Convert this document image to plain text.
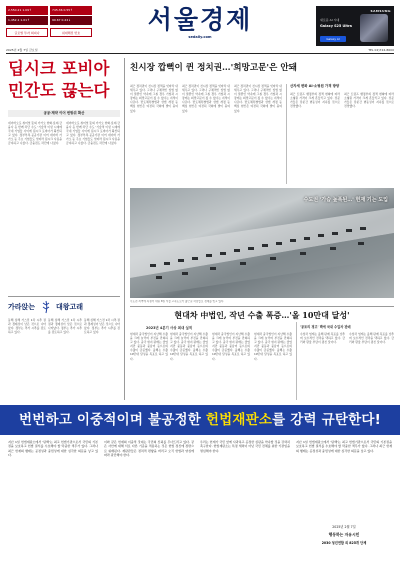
2,550.21 1.09↑	745.36 0.55↑
1,452.1 1.01↑	99.67 0.22↓
글로벌 투자 회피나	위대해전 번호	서울경제
sedaily.com
SAMSUNG
새로운 AI 시대
Galaxy S25 Ultra
Galaxy AI
2025년 2월 7일 금요일	TEL 02)724-8600
딥시크 포비아
민간도 끊는다
공공·제약 이어 번방위 확산
네이버오포 취미엇 뜻외 카카오 한화·롯데·금융사 등 함께 차단 수도 '기술적 이낸 시대에 국내 기업들 사이에 딥시크 포비아가 확산되고 있다. 정부부처·공공기관 이어 네이버 카카오 등 주요 기업들도 잇따라 딥시크 사용을 금지하고 나섰다. 금융권도 차단에 나섰다.
네이버오포 취미엇 뜻외 카카오 한화·롯데·금융사 등 함께 차단 수도 '기술적 이낸 시대에 국내 기업들 사이에 딥시크 포비아가 확산되고 있다. 정부부처·공공기관 이어 네이버 카카오 등 주요 기업들도 잇따라 딥시크 사용을 금지하고 나섰다. 금융권도 차단에 나섰다.
친시장 깝뻑이 퀸 정치권…'희망고문'은 안돼
최근 정치권이 친시장 정책을 잇따라 내세우고 있다. 그러나 구체적인 입법 없이 말뿐인 약속에 그칠 경우 기업과 시장에는 희망고문이 될 수 있다는 지적이 나온다. 반도체특별법과 상법 개정 등 핵심 현안은 여전히 국회에 발이 묶여 있다.
최근 정치권이 친시장 정책을 잇따라 내세우고 있다. 그러나 구체적인 입법 없이 말뿐인 약속에 그칠 경우 기업과 시장에는 희망고문이 될 수 있다는 지적이 나온다. 반도체특별법과 상법 개정 등 핵심 현안은 여전히 국회에 발이 묶여 있다.
최근 정치권이 친시장 정책을 잇따라 내세우고 있다. 그러나 구체적인 입법 없이 말뿐인 약속에 그칠 경우 기업과 시장에는 희망고문이 될 수 있다는 지적이 나온다. 반도체특별법과 상법 개정 등 핵심 현안은 여전히 국회에 발이 묶여 있다.
산자세 변화 AI·소형원 가격 방향
최근 트럼프 행정부의 정책 변화에 따라 소형원 가격이 크게 흔들리고 있다. 전문가들은 당분간 변동성이 지속될 것으로 전망했다.
최근 트럼프 행정부의 정책 변화에 따라 소형원 가격이 크게 흔들리고 있다. 전문가들은 당분간 변동성이 지속될 것으로 전망했다.
수도권 '가슴 높폭된…' 현재 기는 도입
수도권 지역에 폭설이 내린 6일 서울 고속도로가 출근길 차량들로 정체를 빚고 있다.
가라앉는	대왕고래
동해 심해 가스전 1차 시추 결과 경제성이 낮은 것으로 나타났다. 정부는 추가 시추를 검토하고 있다.
동해 심해 가스전 1차 시추 결과 경제성이 낮은 것으로 나타났다. 정부는 추가 시추를 검토하고 있다.
동해 심해 가스전 1차 시추 결과 경제성이 낮은 것으로 나타났다. 정부는 추가 시추를 검토하고 있다.
현대차 中법인, 작년 수출 폭증…'올 10만대 달성'
2023년 4분기 사상 최대 실적
현대차 중국법인이 지난해 수출을 크게 늘리며 부진을 만회하고 있다. 중국 현지 판매는 줄었지만 중동과 중남미 등으로의 수출이 급증했다. 올해는 수출 10만대 달성을 목표로 하고 있다.
현대차 중국법인이 지난해 수출을 크게 늘리며 부진을 만회하고 있다. 중국 현지 판매는 줄었지만 중동과 중남미 등으로의 수출이 급증했다. 올해는 수출 10만대 달성을 목표로 하고 있다.
현대차 중국법인이 지난해 수출을 크게 늘리며 부진을 만회하고 있다. 중국 현지 판매는 줄었지만 중동과 중남미 등으로의 수출이 급증했다. 올해는 수출 10만대 달성을 목표로 하고 있다.
현대차 중국법인이 지난해 수출을 크게 늘리며 부진을 만회하고 있다. 중국 현지 판매는 줄었지만 중동과 중남미 등으로의 수출이 급증했다. 올해는 수출 10만대 달성을 목표로 하고 있다.
'공포의 경고' 벽에 국내 수입차 판매
수입차 업계는 올해 판매 목표를 낮추며 보수적인 전략을 택하고 있다. 금리와 환율 부담이 겹친 탓이다.
수입차 업계는 올해 판매 목표를 낮추며 보수적인 전략을 택하고 있다. 금리와 환율 부담이 겹친 탓이다.
번번하고 이중적이며 불공정한 헌법재판소를 강력 규탄한다!
지난 1일 헌법재판소에서 '탄핵'는 최고 헌법기관으로서 국민의 기본권을 보호하고 헌법 질서를 수호해야 할 막중한 책무가 있다. 그러나 최근 헌재의 행태는 공정성과 중립성에 대한 심각한 의문을 낳고 있다.
이와 같은 헌재의 이중적 잣대는 국민의 신뢰를 무너뜨리고 있다. 같은 사안에 대해 서로 다른 기준을 적용하는 것은 헌법 정신에 정면으로 위배된다. 재판관들은 정치적 편향을 버리고 오직 헌법과 양심에 따라 판단해야 한다.
우리는 헌재가 국민 앞에 사과하고 공정한 심판을 약속할 것을 강력히 촉구한다. 헌법재판소는 특정 세력이 아닌 국민 전체를 위한 기관임을 명심해야 한다.
지난 1일 헌법재판소에서 '탄핵'는 최고 헌법기관으로서 국민의 기본권을 보호하고 헌법 질서를 수호해야 할 막중한 책무가 있다. 그러나 최근 헌재의 행태는 공정성과 중립성에 대한 심각한 의문을 낳고 있다.
2025년 2월 7일
행동하는 자유시민
2030 청년연합 외 825개 단체
